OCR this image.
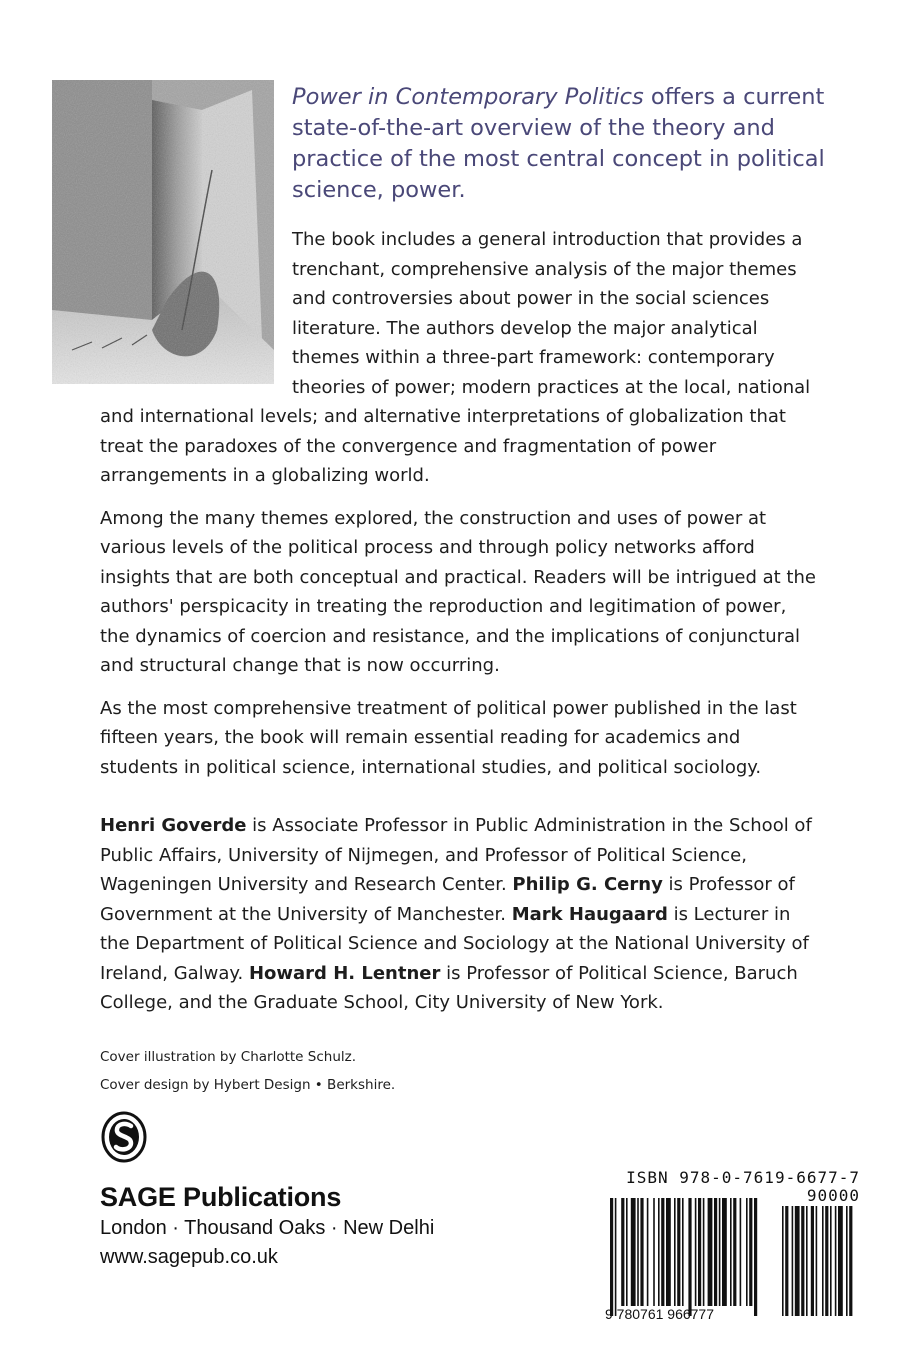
Power in Contemporary Politics offers a current state-of-the-art overview of the theory and practice of the most central concept in political science, power.

The book includes a general introduction that provides a trenchant, comprehensive analysis of the major themes and controversies about power in the social sciences literature. The authors develop the major analytical themes within a three-part framework: contemporary theories of power; modern practices at the local, national and international levels; and alternative interpretations of globalization that treat the paradoxes of the convergence and fragmentation of power arrangements in a globalizing world.

Among the many themes explored, the construction and uses of power at various levels of the political process and through policy networks afford insights that are both conceptual and practical. Readers will be intrigued at the authors' perspicacity in treating the reproduction and legitimation of power, the dynamics of coercion and resistance, and the implications of conjunctural and structural change that is now occurring.

As the most comprehensive treatment of political power published in the last fifteen years, the book will remain essential reading for academics and students in political science, international studies, and political sociology.

Henri Goverde is Associate Professor in Public Administration in the School of Public Affairs, University of Nijmegen, and Professor of Political Science, Wageningen University and Research Center. Philip G. Cerny is Professor of Government at the University of Manchester. Mark Haugaard is Lecturer in the Department of Political Science and Sociology at the National University of Ireland, Galway. Howard H. Lentner is Professor of Political Science, Baruch College, and the Graduate School, City University of New York.

Cover illustration by Charlotte Schulz.
Cover design by Hybert Design • Berkshire.
SAGE Publications
London · Thousand Oaks · New Delhi
www.sagepub.co.uk
ISBN 978-0-7619-6677-7
90000
9 780761 966777
